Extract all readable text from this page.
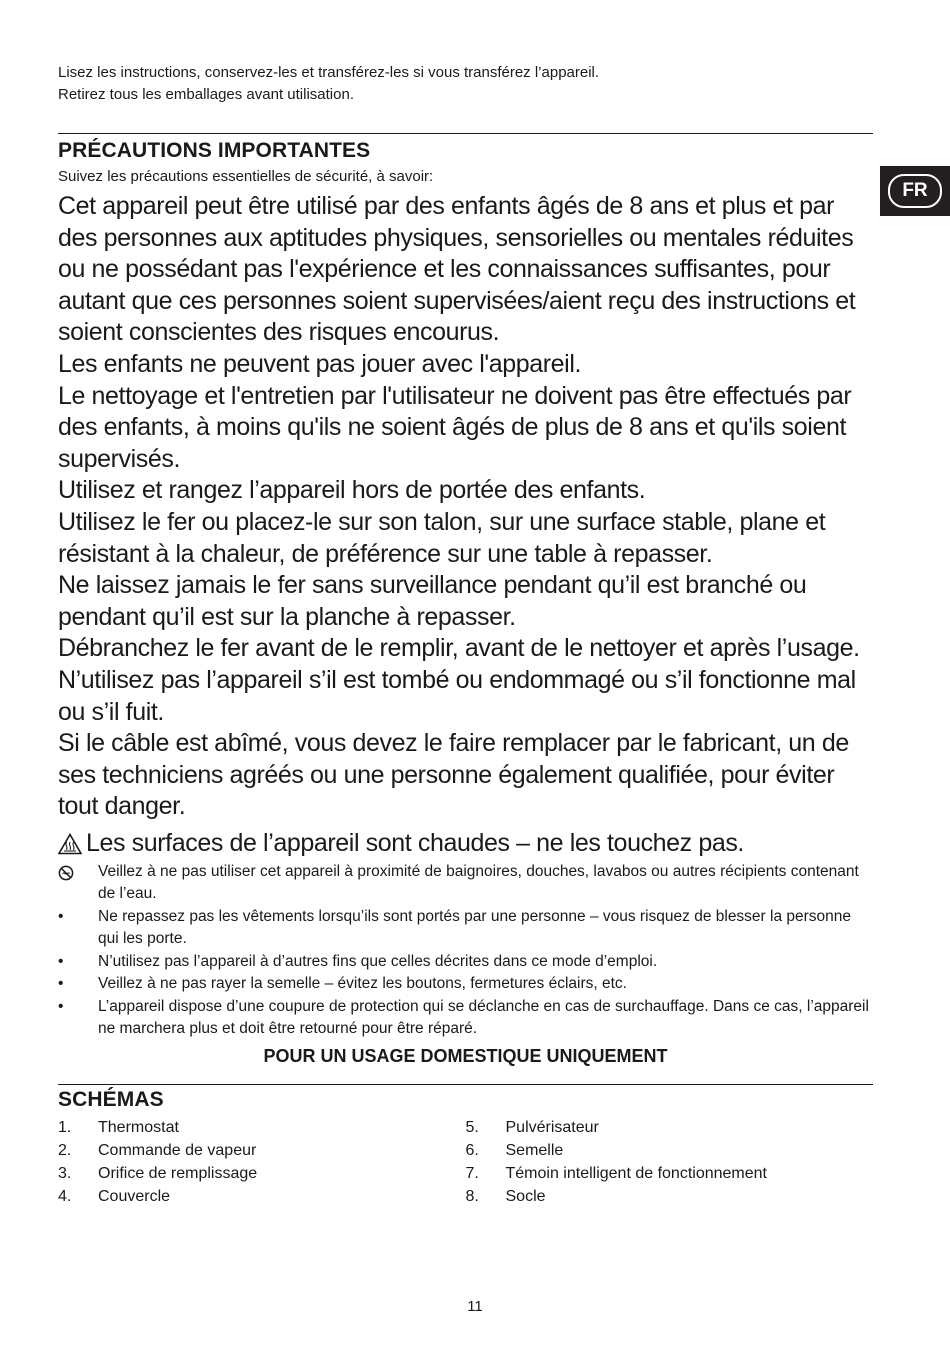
Lisez les instructions, conservez-les et transférez-les si vous transférez l’appareil.
Retirez tous les emballages avant utilisation.
PRÉCAUTIONS IMPORTANTES
Suivez les précautions essentielles de sécurité, à savoir:

Cet appareil peut être utilisé par des enfants âgés de 8 ans et plus et par des personnes aux aptitudes physiques, sensorielles ou mentales réduites ou ne possédant pas l'expérience et les connaissances suffisantes, pour autant que ces personnes soient supervisées/aient reçu des instructions et soient conscientes des risques encourus.

Les enfants ne peuvent pas jouer avec l'appareil.

Le nettoyage et l'entretien par l'utilisateur ne doivent pas être effectués par des enfants, à moins qu'ils ne soient âgés de plus de 8 ans et qu'ils soient supervisés.

Utilisez et rangez l’appareil hors de portée des enfants.

Utilisez le fer ou placez-le sur son talon, sur une surface stable, plane et résistant à la chaleur, de préférence sur une table à repasser.

Ne laissez jamais le fer sans surveillance pendant qu’il est branché ou pendant qu’il est sur la planche à repasser.

Débranchez le fer avant de le remplir, avant de le nettoyer et après l’usage.

N’utilisez pas l’appareil s’il est tombé ou endommagé ou s’il fonctionne mal ou s’il fuit.

Si le câble est abîmé, vous devez le faire remplacer par le fabricant, un de ses techniciens agréés ou une personne également qualifiée, pour éviter tout danger.

Les surfaces de l’appareil sont chaudes – ne les touchez pas.
Veillez à ne pas utiliser cet appareil à proximité de baignoires, douches, lavabos ou autres récipients contenant de l’eau.
•	Ne repassez pas les vêtements lorsqu’ils sont portés par une personne – vous risquez de blesser la personne qui les porte.
•	N’utilisez pas l’appareil à d’autres fins que celles décrites dans ce mode d’emploi.
•	Veillez à ne pas rayer la semelle – évitez les boutons, fermetures éclairs, etc.
•	L’appareil dispose d’une coupure de protection qui se déclanche en cas de surchauffage. Dans ce cas, l’appareil ne marchera plus et doit être retourné pour être réparé.
POUR UN USAGE DOMESTIQUE UNIQUEMENT
SCHÉMAS
1.	Thermostat
2.	Commande de vapeur
3.	Orifice de remplissage
4.	Couvercle
5.	Pulvérisateur
6.	Semelle
7.	Témoin intelligent de fonctionnement
8.	Socle
FR
11
